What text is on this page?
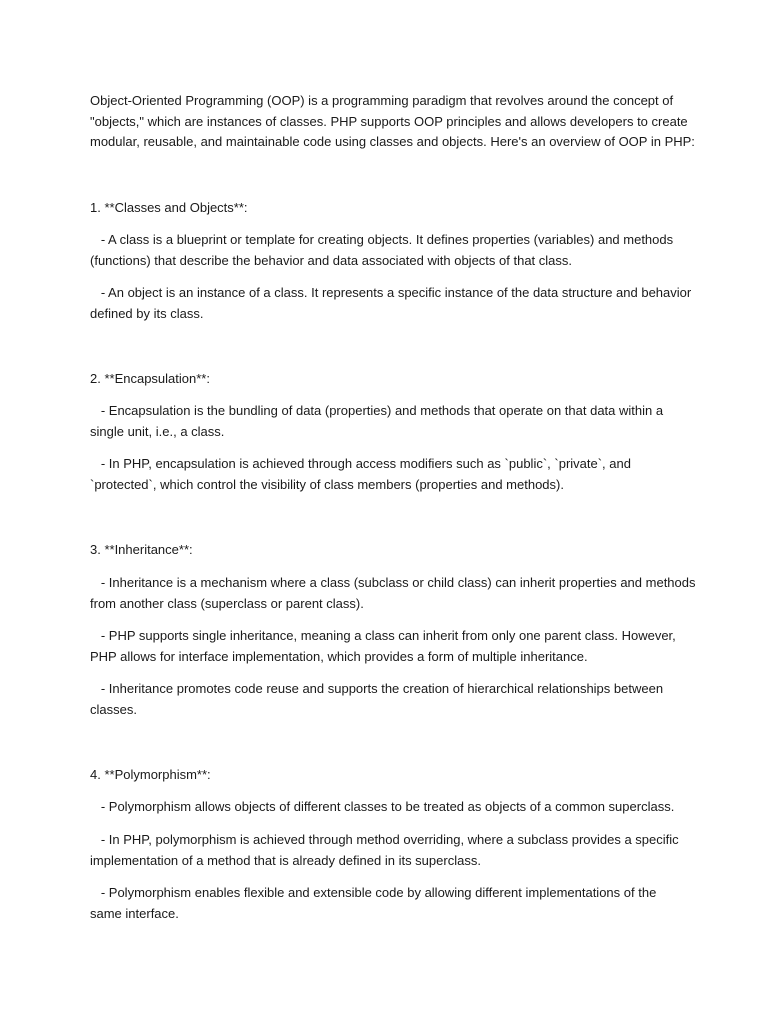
Object-Oriented Programming (OOP) is a programming paradigm that revolves around the concept of
"objects," which are instances of classes. PHP supports OOP principles and allows developers to create
modular, reusable, and maintainable code using classes and objects. Here's an overview of OOP in PHP:

1. **Classes and Objects**:

- A class is a blueprint or template for creating objects. It defines properties (variables) and methods
(functions) that describe the behavior and data associated with objects of that class.

- An object is an instance of a class. It represents a specific instance of the data structure and behavior
defined by its class.

2. **Encapsulation**:

- Encapsulation is the bundling of data (properties) and methods that operate on that data within a
single unit, i.e., a class.

- In PHP, encapsulation is achieved through access modifiers such as `public`, `private`, and
`protected`, which control the visibility of class members (properties and methods).

3. **Inheritance**:

- Inheritance is a mechanism where a class (subclass or child class) can inherit properties and methods
from another class (superclass or parent class).

- PHP supports single inheritance, meaning a class can inherit from only one parent class. However,
PHP allows for interface implementation, which provides a form of multiple inheritance.

- Inheritance promotes code reuse and supports the creation of hierarchical relationships between
classes.

4. **Polymorphism**:

- Polymorphism allows objects of different classes to be treated as objects of a common superclass.

- In PHP, polymorphism is achieved through method overriding, where a subclass provides a specific
implementation of a method that is already defined in its superclass.

- Polymorphism enables flexible and extensible code by allowing different implementations of the
same interface.
